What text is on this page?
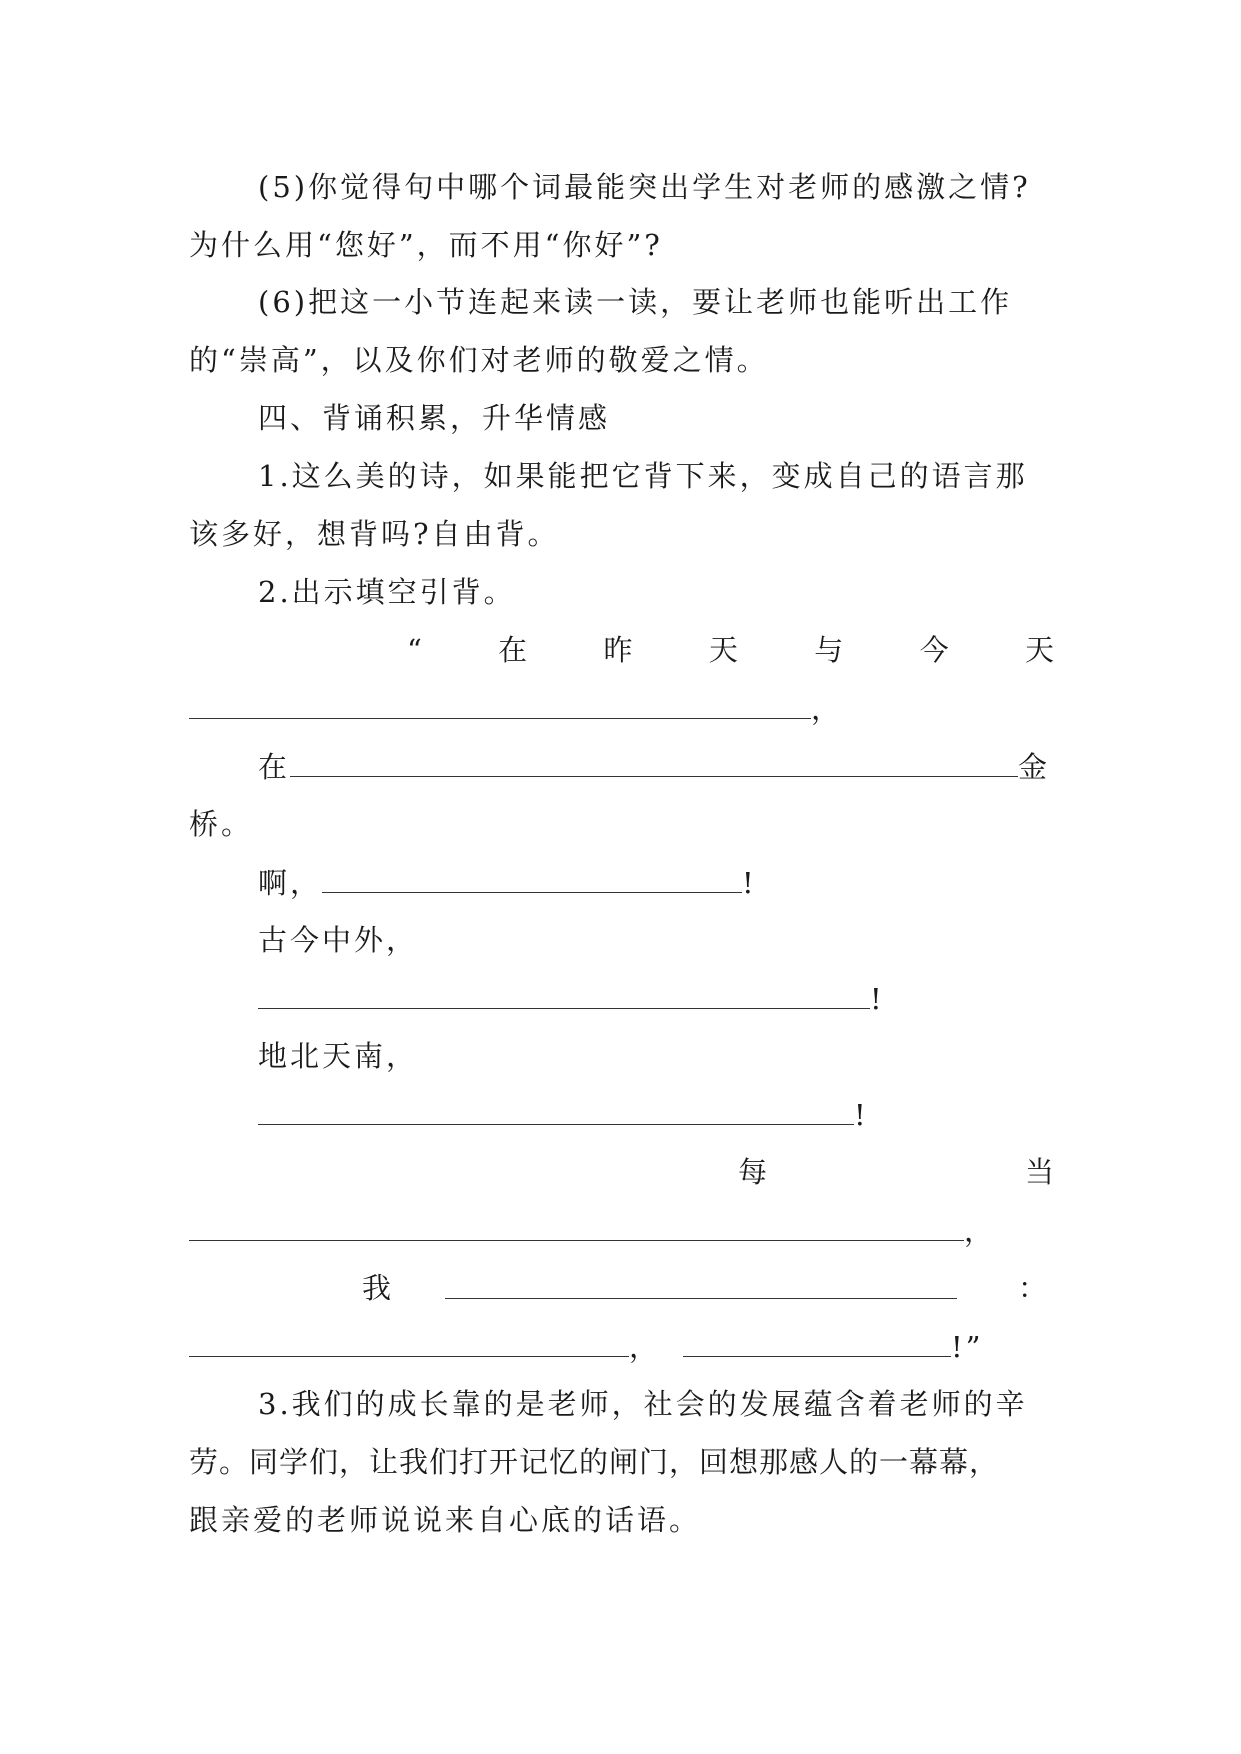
(5)你觉得句中哪个词最能突出学生对老师的感激之情?
为什么用“您好”，而不用“你好”?
(6)把这一小节连起来读一读，要让老师也能听出工作
的“崇高”，以及你们对老师的敬爱之情。
四、背诵积累，升华情感
1.这么美的诗，如果能把它背下来，变成自己的语言那
该多好，想背吗?自由背。
2.出示填空引背。
“	在	昨	天	与	今	天
，
在	金
桥。
啊，	!
古今中外，
!
地北天南，
!
每	当
，
我	：
，	!”
3.我们的成长靠的是老师，社会的发展蕴含着老师的辛
劳。同学们，让我们打开记忆的闸门，回想那感人的一幕幕，
跟亲爱的老师说说来自心底的话语。
